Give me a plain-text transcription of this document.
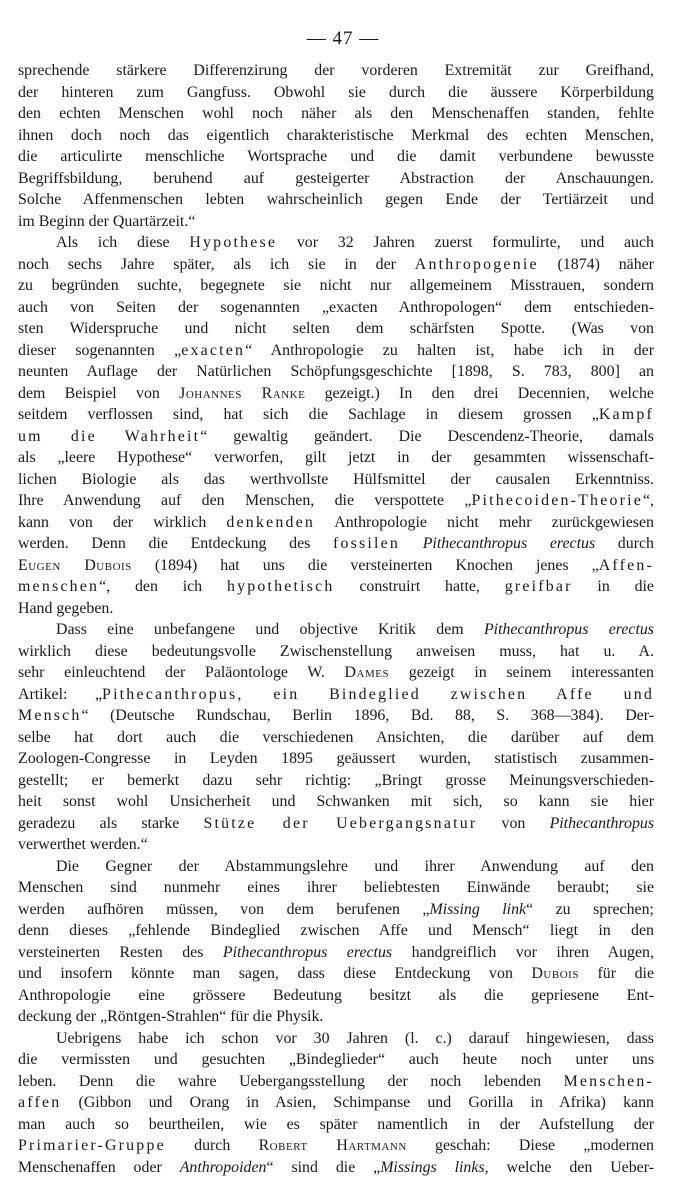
— 47 —
sprechende stärkere Differenzirung der vorderen Extremität zur Greifhand,
der hinteren zum Gangfuss. Obwohl sie durch die äussere Körperbildung
den echten Menschen wohl noch näher als den Menschenaffen standen, fehlte
ihnen doch noch das eigentlich charakteristische Merkmal des echten Menschen,
die articulirte menschliche Wortsprache und die damit verbundene bewusste
Begriffsbildung, beruhend auf gesteigerter Abstraction der Anschauungen.
Solche Affenmenschen lebten wahrscheinlich gegen Ende der Tertiärzeit und
im Beginn der Quartärzeit.“
Als ich diese Hypothese vor 32 Jahren zuerst formulirte, und auch
noch sechs Jahre später, als ich sie in der Anthropogenie (1874) näher
zu begründen suchte, begegnete sie nicht nur allgemeinem Misstrauen, sondern
auch von Seiten der sogenannten „exacten Anthropologen“ dem entschieden-
sten Widerspruche und nicht selten dem schärfsten Spotte. (Was von
dieser sogenannten „exacten“ Anthropologie zu halten ist, habe ich in der
neunten Auflage der Natürlichen Schöpfungsgeschichte [1898, S. 783, 800] an
dem Beispiel von Johannes Ranke gezeigt.) In den drei Decennien, welche
seitdem verflossen sind, hat sich die Sachlage in diesem grossen „Kampf
um die Wahrheit“ gewaltig geändert. Die Descendenz-Theorie, damals
als „leere Hypothese“ verworfen, gilt jetzt in der gesammten wissenschaft-
lichen Biologie als das werthvollste Hülfsmittel der causalen Erkenntniss.
Ihre Anwendung auf den Menschen, die verspottete „Pithecoiden-Theorie“,
kann von der wirklich denkenden Anthropologie nicht mehr zurückgewiesen
werden. Denn die Entdeckung des fossilen Pithecanthropus erectus durch
Eugen Dubois (1894) hat uns die versteinerten Knochen jenes „Affen-
menschen“, den ich hypothetisch construirt hatte, greifbar in die
Hand gegeben.
Dass eine unbefangene und objective Kritik dem Pithecanthropus erectus
wirklich diese bedeutungsvolle Zwischenstellung anweisen muss, hat u. A.
sehr einleuchtend der Paläontologe W. Dames gezeigt in seinem interessanten
Artikel: „Pithecanthropus, ein Bindeglied zwischen Affe und
Mensch“ (Deutsche Rundschau, Berlin 1896, Bd. 88, S. 368—384). Der-
selbe hat dort auch die verschiedenen Ansichten, die darüber auf dem
Zoologen-Congresse in Leyden 1895 geäussert wurden, statistisch zusammen-
gestellt; er bemerkt dazu sehr richtig: „Bringt grosse Meinungsverschieden-
heit sonst wohl Unsicherheit und Schwanken mit sich, so kann sie hier
geradezu als starke Stütze der Uebergangsnatur von Pithecanthropus
verwerthet werden.“
Die Gegner der Abstammungslehre und ihrer Anwendung auf den
Menschen sind nunmehr eines ihrer beliebtesten Einwände beraubt; sie
werden aufhören müssen, von dem berufenen „Missing link“ zu sprechen;
denn dieses „fehlende Bindeglied zwischen Affe und Mensch“ liegt in den
versteinerten Resten des Pithecanthropus erectus handgreiflich vor ihren Augen,
und insofern könnte man sagen, dass diese Entdeckung von Dubois für die
Anthropologie eine grössere Bedeutung besitzt als die gepriesene Ent-
deckung der „Röntgen-Strahlen“ für die Physik.
Uebrigens habe ich schon vor 30 Jahren (l. c.) darauf hingewiesen, dass
die vermissten und gesuchten „Bindeglieder“ auch heute noch unter uns
leben. Denn die wahre Uebergangsstellung der noch lebenden Menschen-
affen (Gibbon und Orang in Asien, Schimpanse und Gorilla in Afrika) kann
man auch so beurtheilen, wie es später namentlich in der Aufstellung der
Primarier-Gruppe durch Robert Hartmann geschah: Diese „modernen
Menschenaffen oder Anthropoiden“ sind die „Missings links, welche den Ueber-
